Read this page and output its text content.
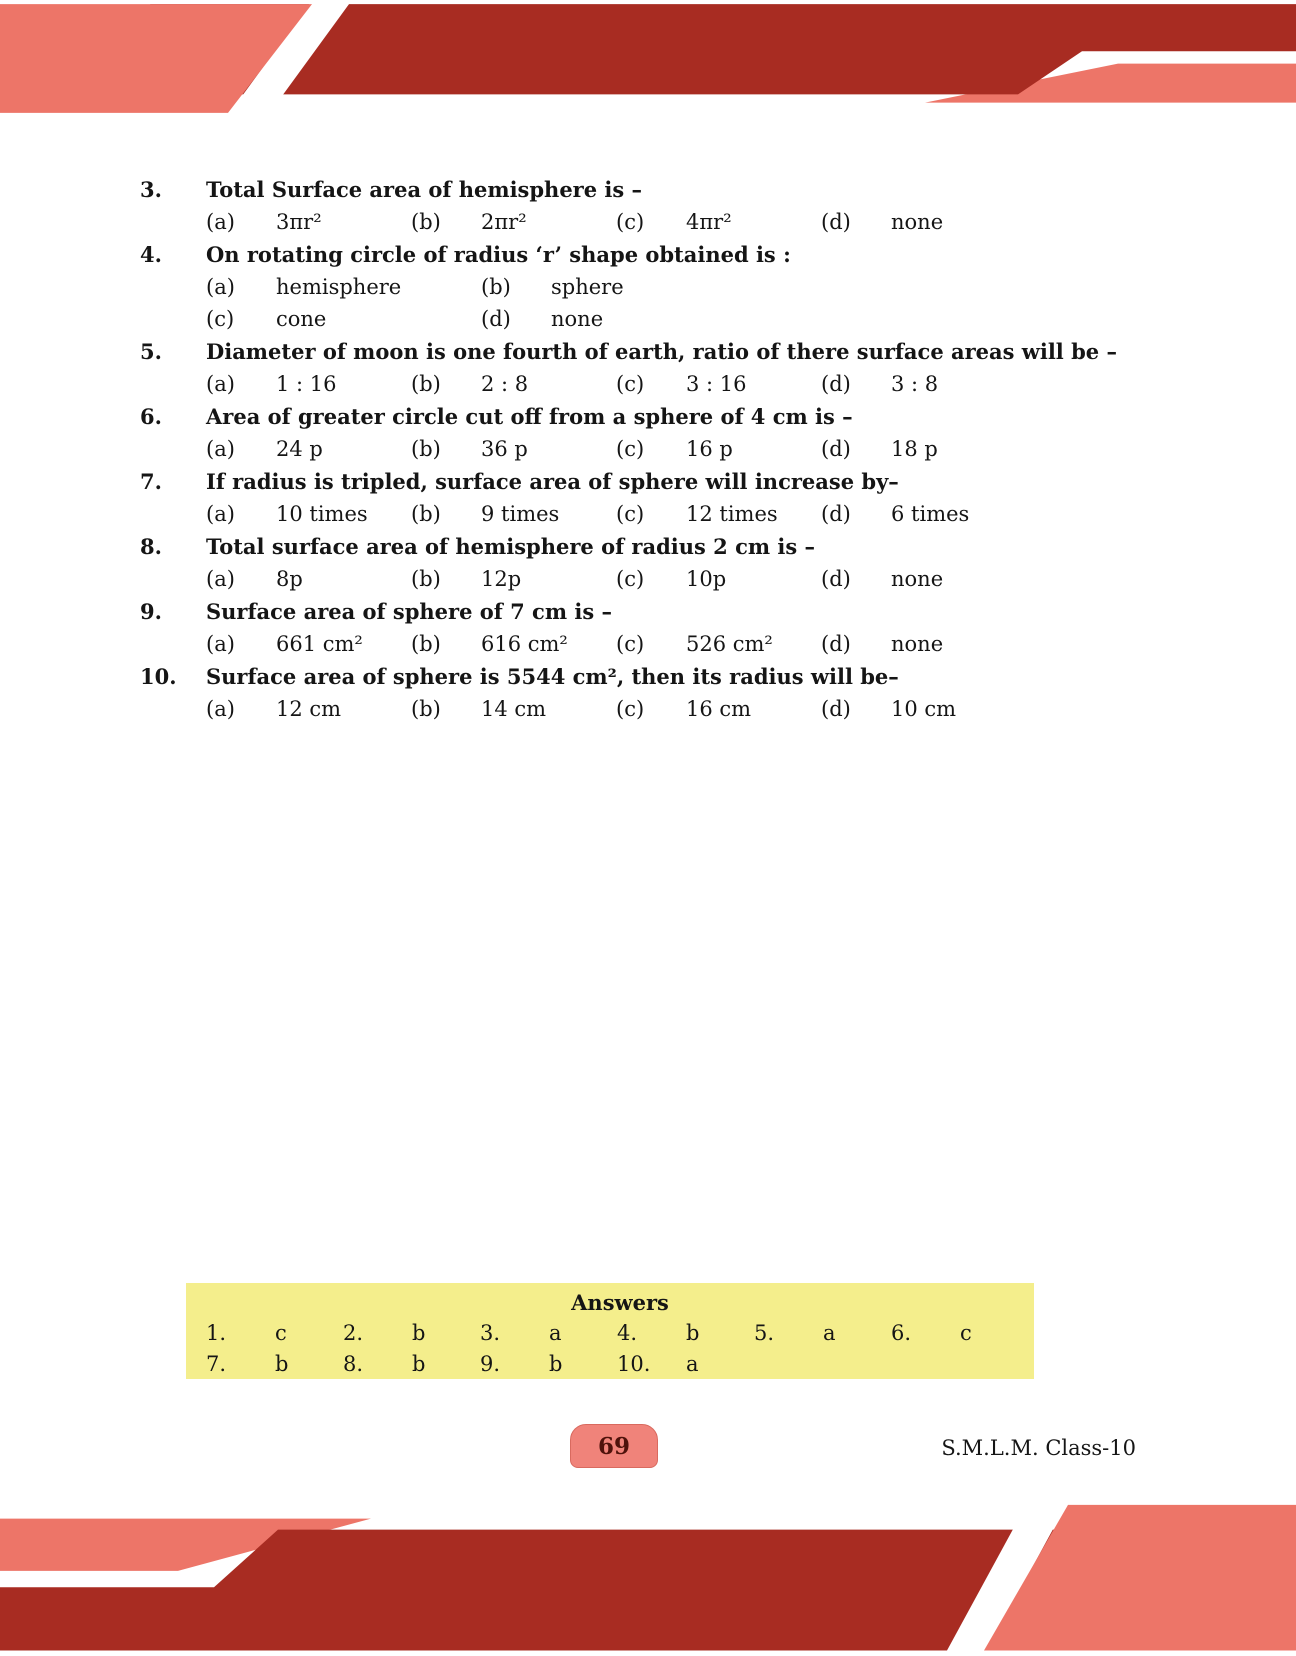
3.	Total Surface area of hemisphere is –
(a)	3πr²	(b)	2πr²	(c)	4πr²	(d)	none
4.	On rotating circle of radius ‘r’ shape obtained is :
(a)	hemisphere	(b)	sphere
(c)	cone	(d)	none
5.	Diameter of moon is one fourth of earth, ratio of there surface areas will be –
(a)	1 : 16	(b)	2 : 8	(c)	3 : 16	(d)	3 : 8
6.	Area of greater circle cut off from a sphere of 4 cm is –
(a)	24 p	(b)	36 p	(c)	16 p	(d)	18 p
7.	If radius is tripled, surface area of sphere will increase by–
(a)	10 times	(b)	9 times	(c)	12 times	(d)	6 times
8.	Total surface area of hemisphere of radius 2 cm is –
(a)	8p	(b)	12p	(c)	10p	(d)	none
9.	Surface area of sphere of 7 cm is –
(a)	661 cm²	(b)	616 cm²	(c)	526 cm²	(d)	none
10.	Surface area of sphere is 5544 cm², then its radius will be–
(a)	12 cm	(b)	14 cm	(c)	16 cm	(d)	10 cm
Answers
1.	c	2.	b	3.	a	4.	b	5.	a	6.	c
7.	b	8.	b	9.	b	10.	a
69	S.M.L.M. Class-10
